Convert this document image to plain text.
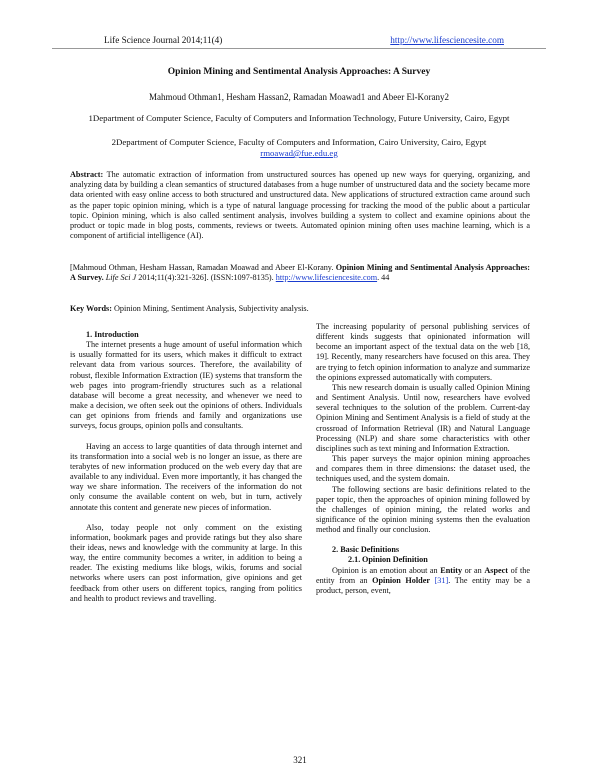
Life Science Journal 2014;11(4)	http://www.lifesciencesite.com
Opinion Mining and Sentimental Analysis Approaches: A Survey
Mahmoud Othman1, Hesham Hassan2, Ramadan Moawad1 and Abeer El-Korany2
1Department of Computer Science, Faculty of Computers and Information Technology, Future University, Cairo, Egypt
2Department of Computer Science, Faculty of Computers and Information, Cairo University, Cairo, Egypt
rmoawad@fue.edu.eg
Abstract: The automatic extraction of information from unstructured sources has opened up new ways for querying, organizing, and analyzing data by building a clean semantics of structured databases from a huge number of unstructured data and the society became more data oriented with easy online access to both structured and unstructured data. New applications of structured extraction came around such as the paper topic opinion mining, which is a type of natural language processing for tracking the mood of the public about a particular topic. Opinion mining, which is also called sentiment analysis, involves building a system to collect and examine opinions about the product or topic made in blog posts, comments, reviews or tweets. Automated opinion mining often uses machine learning, which is a component of artificial intelligence (AI).
[Mahmoud Othman, Hesham Hassan, Ramadan Moawad and Abeer El-Korany. Opinion Mining and Sentimental Analysis Approaches: A Survey. Life Sci J 2014;11(4):321-326]. (ISSN:1097-8135). http://www.lifesciencesite.com. 44
Key Words: Opinion Mining, Sentiment Analysis, Subjectivity analysis.

1. Introduction

The internet presents a huge amount of useful information which is usually formatted for its users, which makes it difficult to extract relevant data from various sources. Therefore, the availability of robust, flexible Information Extraction (IE) systems that transform the web pages into program-friendly structures such as a relational database will become a great necessity, and whenever we need to make a decision, we often seek out the opinions of others. Individuals can get opinions from friends and family and organizations use surveys, focus groups, opinion polls and consultants.

Having an access to large quantities of data through internet and its transformation into a social web is no longer an issue, as there are terabytes of new information produced on the web every day that are available to any individual. Even more importantly, it has changed the way we share information. The receivers of the information do not only consume the available content on web, but in turn, actively annotate this content and generate new pieces of information.

Also, today people not only comment on the existing information, bookmark pages and provide ratings but they also share their ideas, news and knowledge with the community at large. In this way, the entire community becomes a writer, in addition to being a reader. The existing mediums like blogs, wikis, forums and social networks where users can post information, give opinions and get feedback from other users on different topics, ranging from politics and health to product reviews and travelling.

The increasing popularity of personal publishing services of different kinds suggests that opinionated information will become an important aspect of the textual data on the web [18, 19]. Recently, many researchers have focused on this area. They are trying to fetch opinion information to analyze and summarize the opinions expressed automatically with computers.

This new research domain is usually called Opinion Mining and Sentiment Analysis. Until now, researchers have evolved several techniques to the solution of the problem. Current-day Opinion Mining and Sentiment Analysis is a field of study at the crossroad of Information Retrieval (IR) and Natural Language Processing (NLP) and share some characteristics with other disciplines such as text mining and Information Extraction.

This paper surveys the major opinion mining approaches and compares them in three dimensions: the dataset used, the techniques used, and the system domain.

The following sections are basic definitions related to the paper topic, then the approaches of opinion mining followed by the challenges of opinion mining, the related works and significance of the opinion mining systems then the evaluation method and finally our conclusion.

2. Basic Definitions

2.1. Opinion Definition

Opinion is an emotion about an Entity or an Aspect of the entity from an Opinion Holder [31]. The entity may be a product, person, event,

321
